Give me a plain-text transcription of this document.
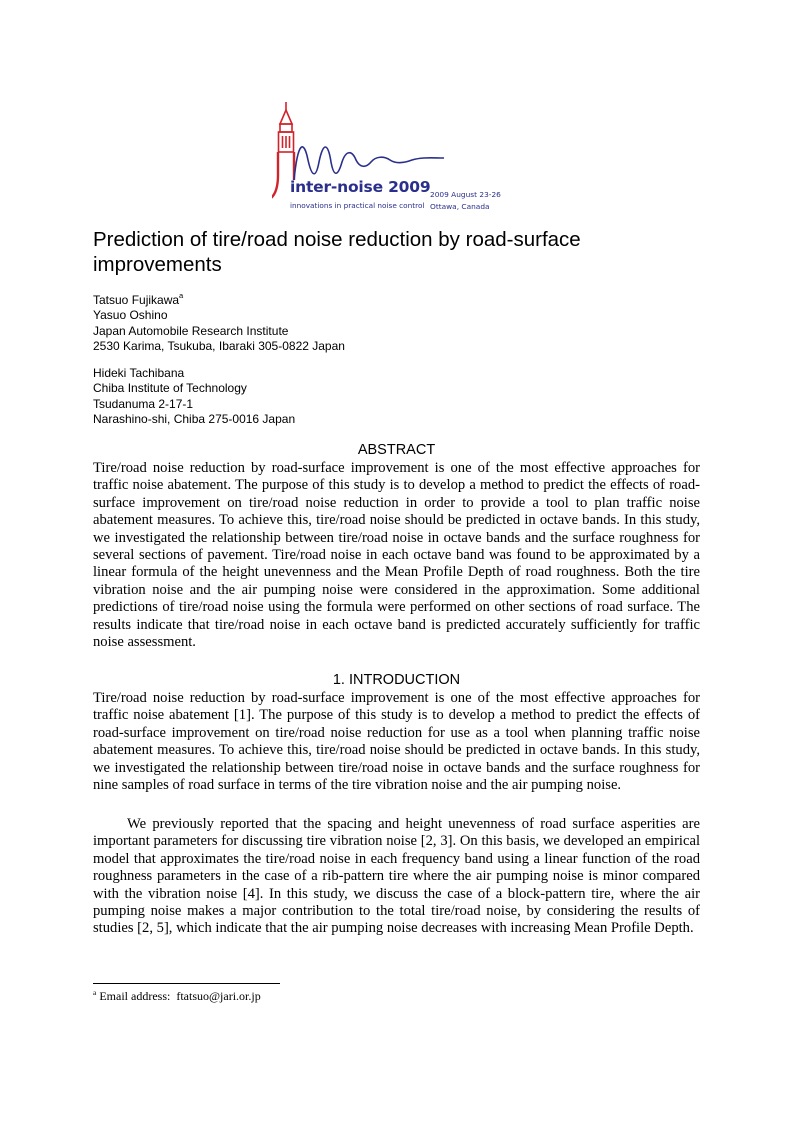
inter-noise 2009
innovations in practical noise control
2009 August 23-26
Ottawa, Canada
Prediction of tire/road noise reduction by road-surface improvements
Tatsuo Fujikawa$^a$
Yasuo Oshino
Japan Automobile Research Institute
2530 Karima, Tsukuba, Ibaraki 305-0822 Japan
Hideki Tachibana
Chiba Institute of Technology
Tsudanuma 2-17-1
Narashino-shi, Chiba 275-0016 Japan
ABSTRACT

Tire/road noise reduction by road-surface improvement is one of the most effective approaches for traffic noise abatement. The purpose of this study is to develop a method to predict the effects of road-surface improvement on tire/road noise reduction in order to provide a tool to plan traffic noise abatement measures. To achieve this, tire/road noise should be predicted in octave bands. In this study, we investigated the relationship between tire/road noise in octave bands and the surface roughness for several sections of pavement. Tire/road noise in each octave band was found to be approximated by a linear formula of the height unevenness and the Mean Profile Depth of road roughness. Both the tire vibration noise and the air pumping noise were considered in the approximation. Some additional predictions of tire/road noise using the formula were performed on other sections of road surface. The results indicate that tire/road noise in each octave band is predicted accurately sufficiently for traffic noise assessment.

1. INTRODUCTION

Tire/road noise reduction by road-surface improvement is one of the most effective approaches for traffic noise abatement [1]. The purpose of this study is to develop a method to predict the effects of road-surface improvement on tire/road noise reduction for use as a tool when planning traffic noise abatement measures. To achieve this, tire/road noise should be predicted in octave bands. In this study, we investigated the relationship between tire/road noise in octave bands and the surface roughness for nine samples of road surface in terms of the tire vibration noise and the air pumping noise.

We previously reported that the spacing and height unevenness of road surface asperities are important parameters for discussing tire vibration noise [2, 3]. On this basis, we developed an empirical model that approximates the tire/road noise in each frequency band using a linear function of the road roughness parameters in the case of a rib-pattern tire where the air pumping noise is minor compared with the vibration noise [4]. In this study, we discuss the case of a block-pattern tire, where the air pumping noise makes a major contribution to the total tire/road noise, by considering the results of studies [2, 5], which indicate that the air pumping noise decreases with increasing Mean Profile Depth.

$^a$ Email address: ftatsuo@jari.or.jp
